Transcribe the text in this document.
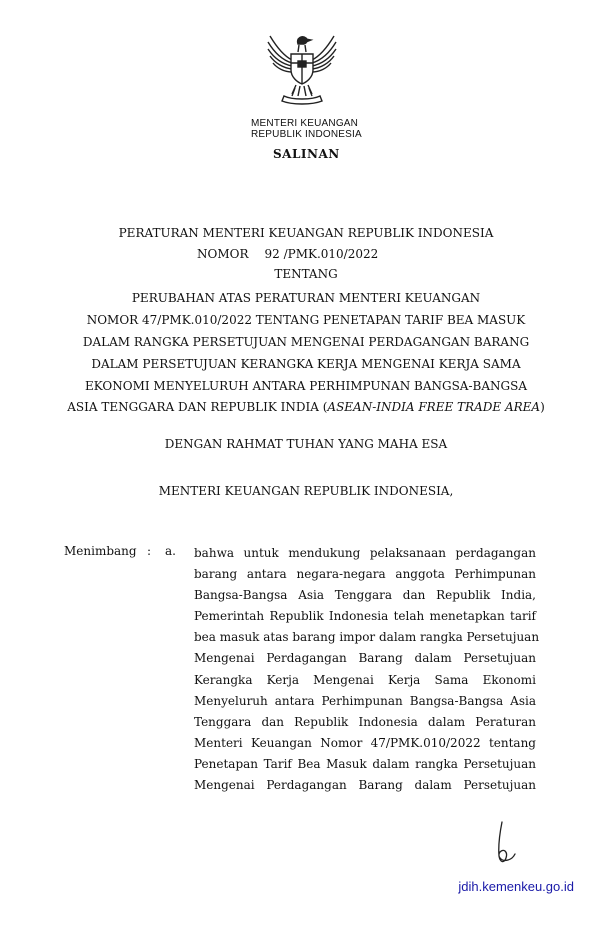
MENTERI KEUANGAN
REPUBLIK INDONESIA
SALINAN
PERATURAN MENTERI KEUANGAN REPUBLIK INDONESIA
NOMOR 92 /PMK.010/2022
TENTANG
PERUBAHAN ATAS PERATURAN MENTERI KEUANGAN
NOMOR 47/PMK.010/2022 TENTANG PENETAPAN TARIF BEA MASUK
DALAM RANGKA PERSETUJUAN MENGENAI PERDAGANGAN BARANG
DALAM PERSETUJUAN KERANGKA KERJA MENGENAI KERJA SAMA
EKONOMI MENYELURUH ANTARA PERHIMPUNAN BANGSA-BANGSA
ASIA TENGGARA DAN REPUBLIK INDIA (ASEAN-INDIA FREE TRADE AREA)
DENGAN RAHMAT TUHAN YANG MAHA ESA
MENTERI KEUANGAN REPUBLIK INDONESIA,
Menimbang : a. bahwa untuk mendukung pelaksanaan perdagangan
barang antara negara-negara anggota Perhimpunan
Bangsa-Bangsa Asia Tenggara dan Republik India,
Pemerintah Republik Indonesia telah menetapkan tarif
bea masuk atas barang impor dalam rangka Persetujuan
Mengenai Perdagangan Barang dalam Persetujuan
Kerangka Kerja Mengenai Kerja Sama Ekonomi
Menyeluruh antara Perhimpunan Bangsa-Bangsa Asia
Tenggara dan Republik Indonesia dalam Peraturan
Menteri Keuangan Nomor 47/PMK.010/2022 tentang
Penetapan Tarif Bea Masuk dalam rangka Persetujuan
Mengenai Perdagangan Barang dalam Persetujuan
jdih.kemenkeu.go.id
